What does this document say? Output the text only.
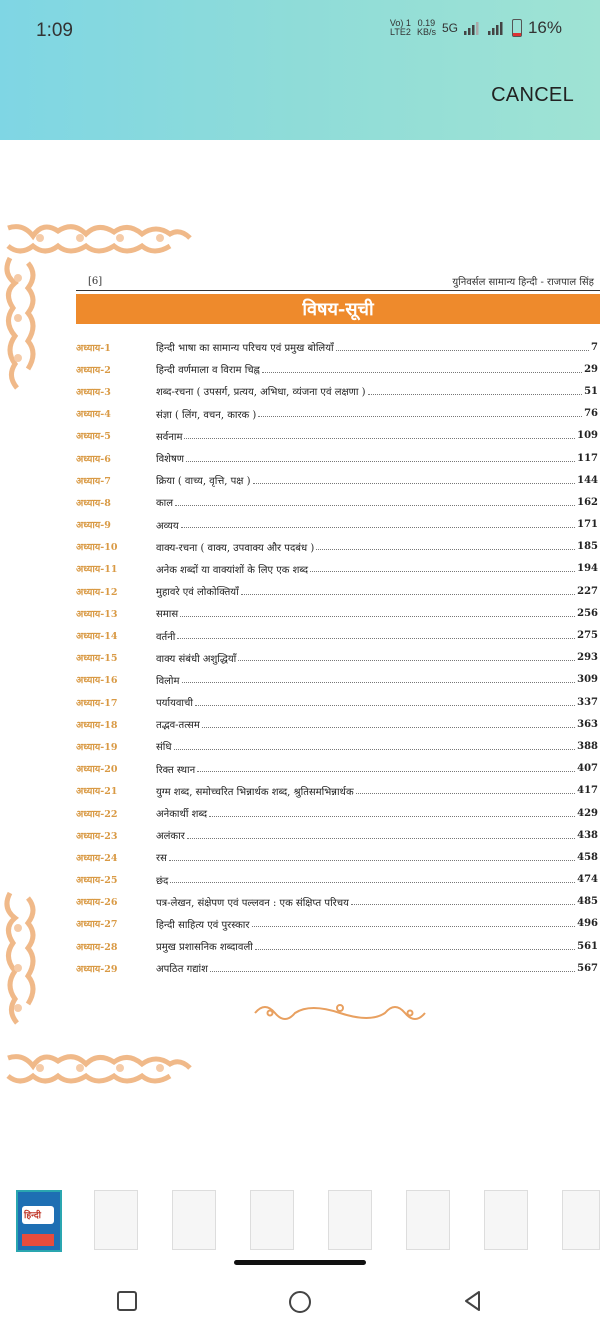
1:09	Vo) 1
LTE2
0.19
KB/s 5G	16%
CANCEL
[6]	युनिवर्सल सामान्य हिन्दी - राजपाल सिंह
विषय-सूची
अध्याय-1	हिन्दी भाषा का सामान्य परिचय एवं प्रमुख बोलियाँ	7
अध्याय-2	हिन्दी वर्णमाला व विराम चिह्न	29
अध्याय-3	शब्द-रचना ( उपसर्ग, प्रत्यय, अभिधा, व्यंजना एवं लक्षणा )	51
अध्याय-4	संज्ञा ( लिंग, वचन, कारक )	76
अध्याय-5	सर्वनाम	109
अध्याय-6	विशेषण	117
अध्याय-7	क्रिया ( वाच्य, वृत्ति, पक्ष )	144
अध्याय-8	काल	162
अध्याय-9	अव्यय	171
अध्याय-10	वाक्य-रचना ( वाक्य, उपवाक्य और पदबंध )	185
अध्याय-11	अनेक शब्दों या वाक्यांशों के लिए एक शब्द	194
अध्याय-12	मुहावरे एवं लोकोक्तियाँ	227
अध्याय-13	समास	256
अध्याय-14	वर्तनी	275
अध्याय-15	वाक्य संबंधी अशुद्धियाँ	293
अध्याय-16	विलोम	309
अध्याय-17	पर्यायवाची	337
अध्याय-18	तद्भव-तत्सम	363
अध्याय-19	संधि	388
अध्याय-20	रिक्त स्थान	407
अध्याय-21	युग्म शब्द, समोच्चरित भिन्नार्थक शब्द, श्रुतिसमभिन्नार्थक	417
अध्याय-22	अनेकार्थी शब्द	429
अध्याय-23	अलंकार	438
अध्याय-24	रस	458
अध्याय-25	छंद	474
अध्याय-26	पत्र-लेखन, संक्षेपण एवं पल्लवन : एक संक्षिप्त परिचय	485
अध्याय-27	हिन्दी साहित्य एवं पुरस्कार	496
अध्याय-28	प्रमुख प्रशासनिक शब्दावली	561
अध्याय-29	अपठित गद्यांश	567
हिन्दी
